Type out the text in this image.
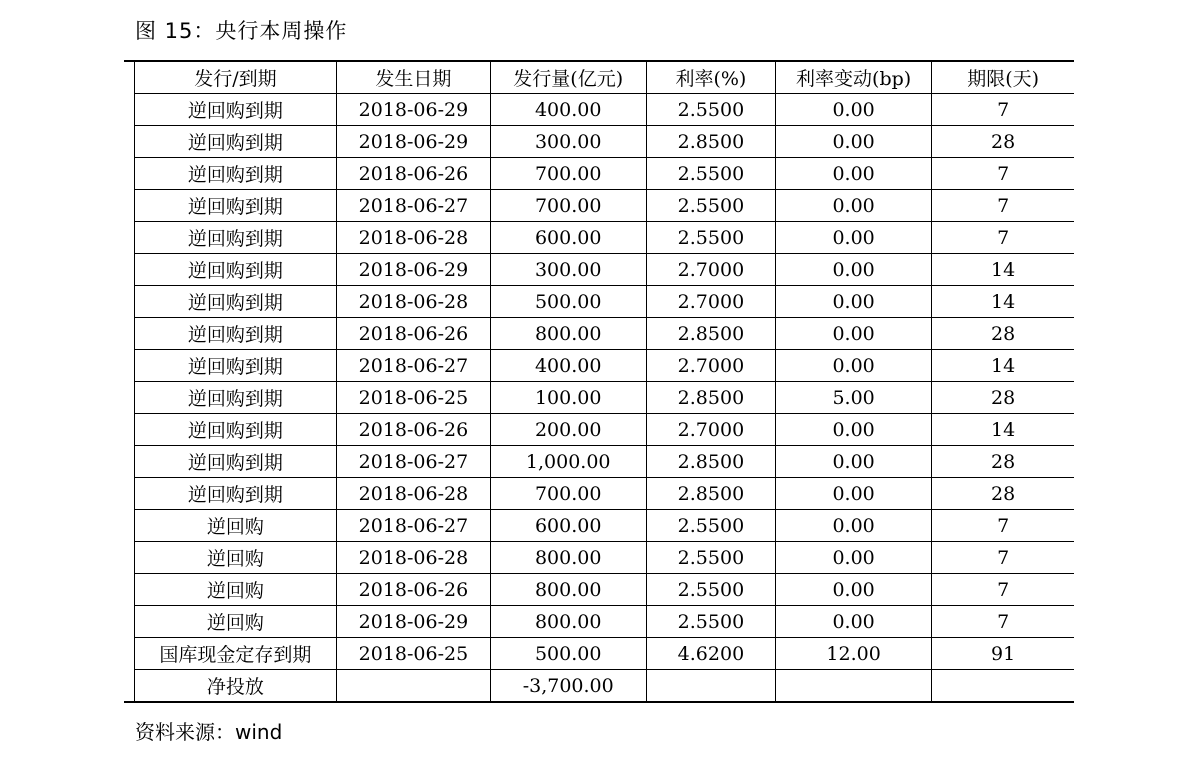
图 15：央行本周操作
	发行/到期	发生日期	发行量(亿元)	利率(%)	利率变动(bp)	期限(天)
	逆回购到期	2018-06-29	400.00	2.5500	0.00	7
	逆回购到期	2018-06-29	300.00	2.8500	0.00	28
	逆回购到期	2018-06-26	700.00	2.5500	0.00	7
	逆回购到期	2018-06-27	700.00	2.5500	0.00	7
	逆回购到期	2018-06-28	600.00	2.5500	0.00	7
	逆回购到期	2018-06-29	300.00	2.7000	0.00	14
	逆回购到期	2018-06-28	500.00	2.7000	0.00	14
	逆回购到期	2018-06-26	800.00	2.8500	0.00	28
	逆回购到期	2018-06-27	400.00	2.7000	0.00	14
	逆回购到期	2018-06-25	100.00	2.8500	5.00	28
	逆回购到期	2018-06-26	200.00	2.7000	0.00	14
	逆回购到期	2018-06-27	1,000.00	2.8500	0.00	28
	逆回购到期	2018-06-28	700.00	2.8500	0.00	28
	逆回购	2018-06-27	600.00	2.5500	0.00	7
	逆回购	2018-06-28	800.00	2.5500	0.00	7
	逆回购	2018-06-26	800.00	2.5500	0.00	7
	逆回购	2018-06-29	800.00	2.5500	0.00	7
	国库现金定存到期	2018-06-25	500.00	4.6200	12.00	91
	净投放		-3,700.00			
资料来源：wind
